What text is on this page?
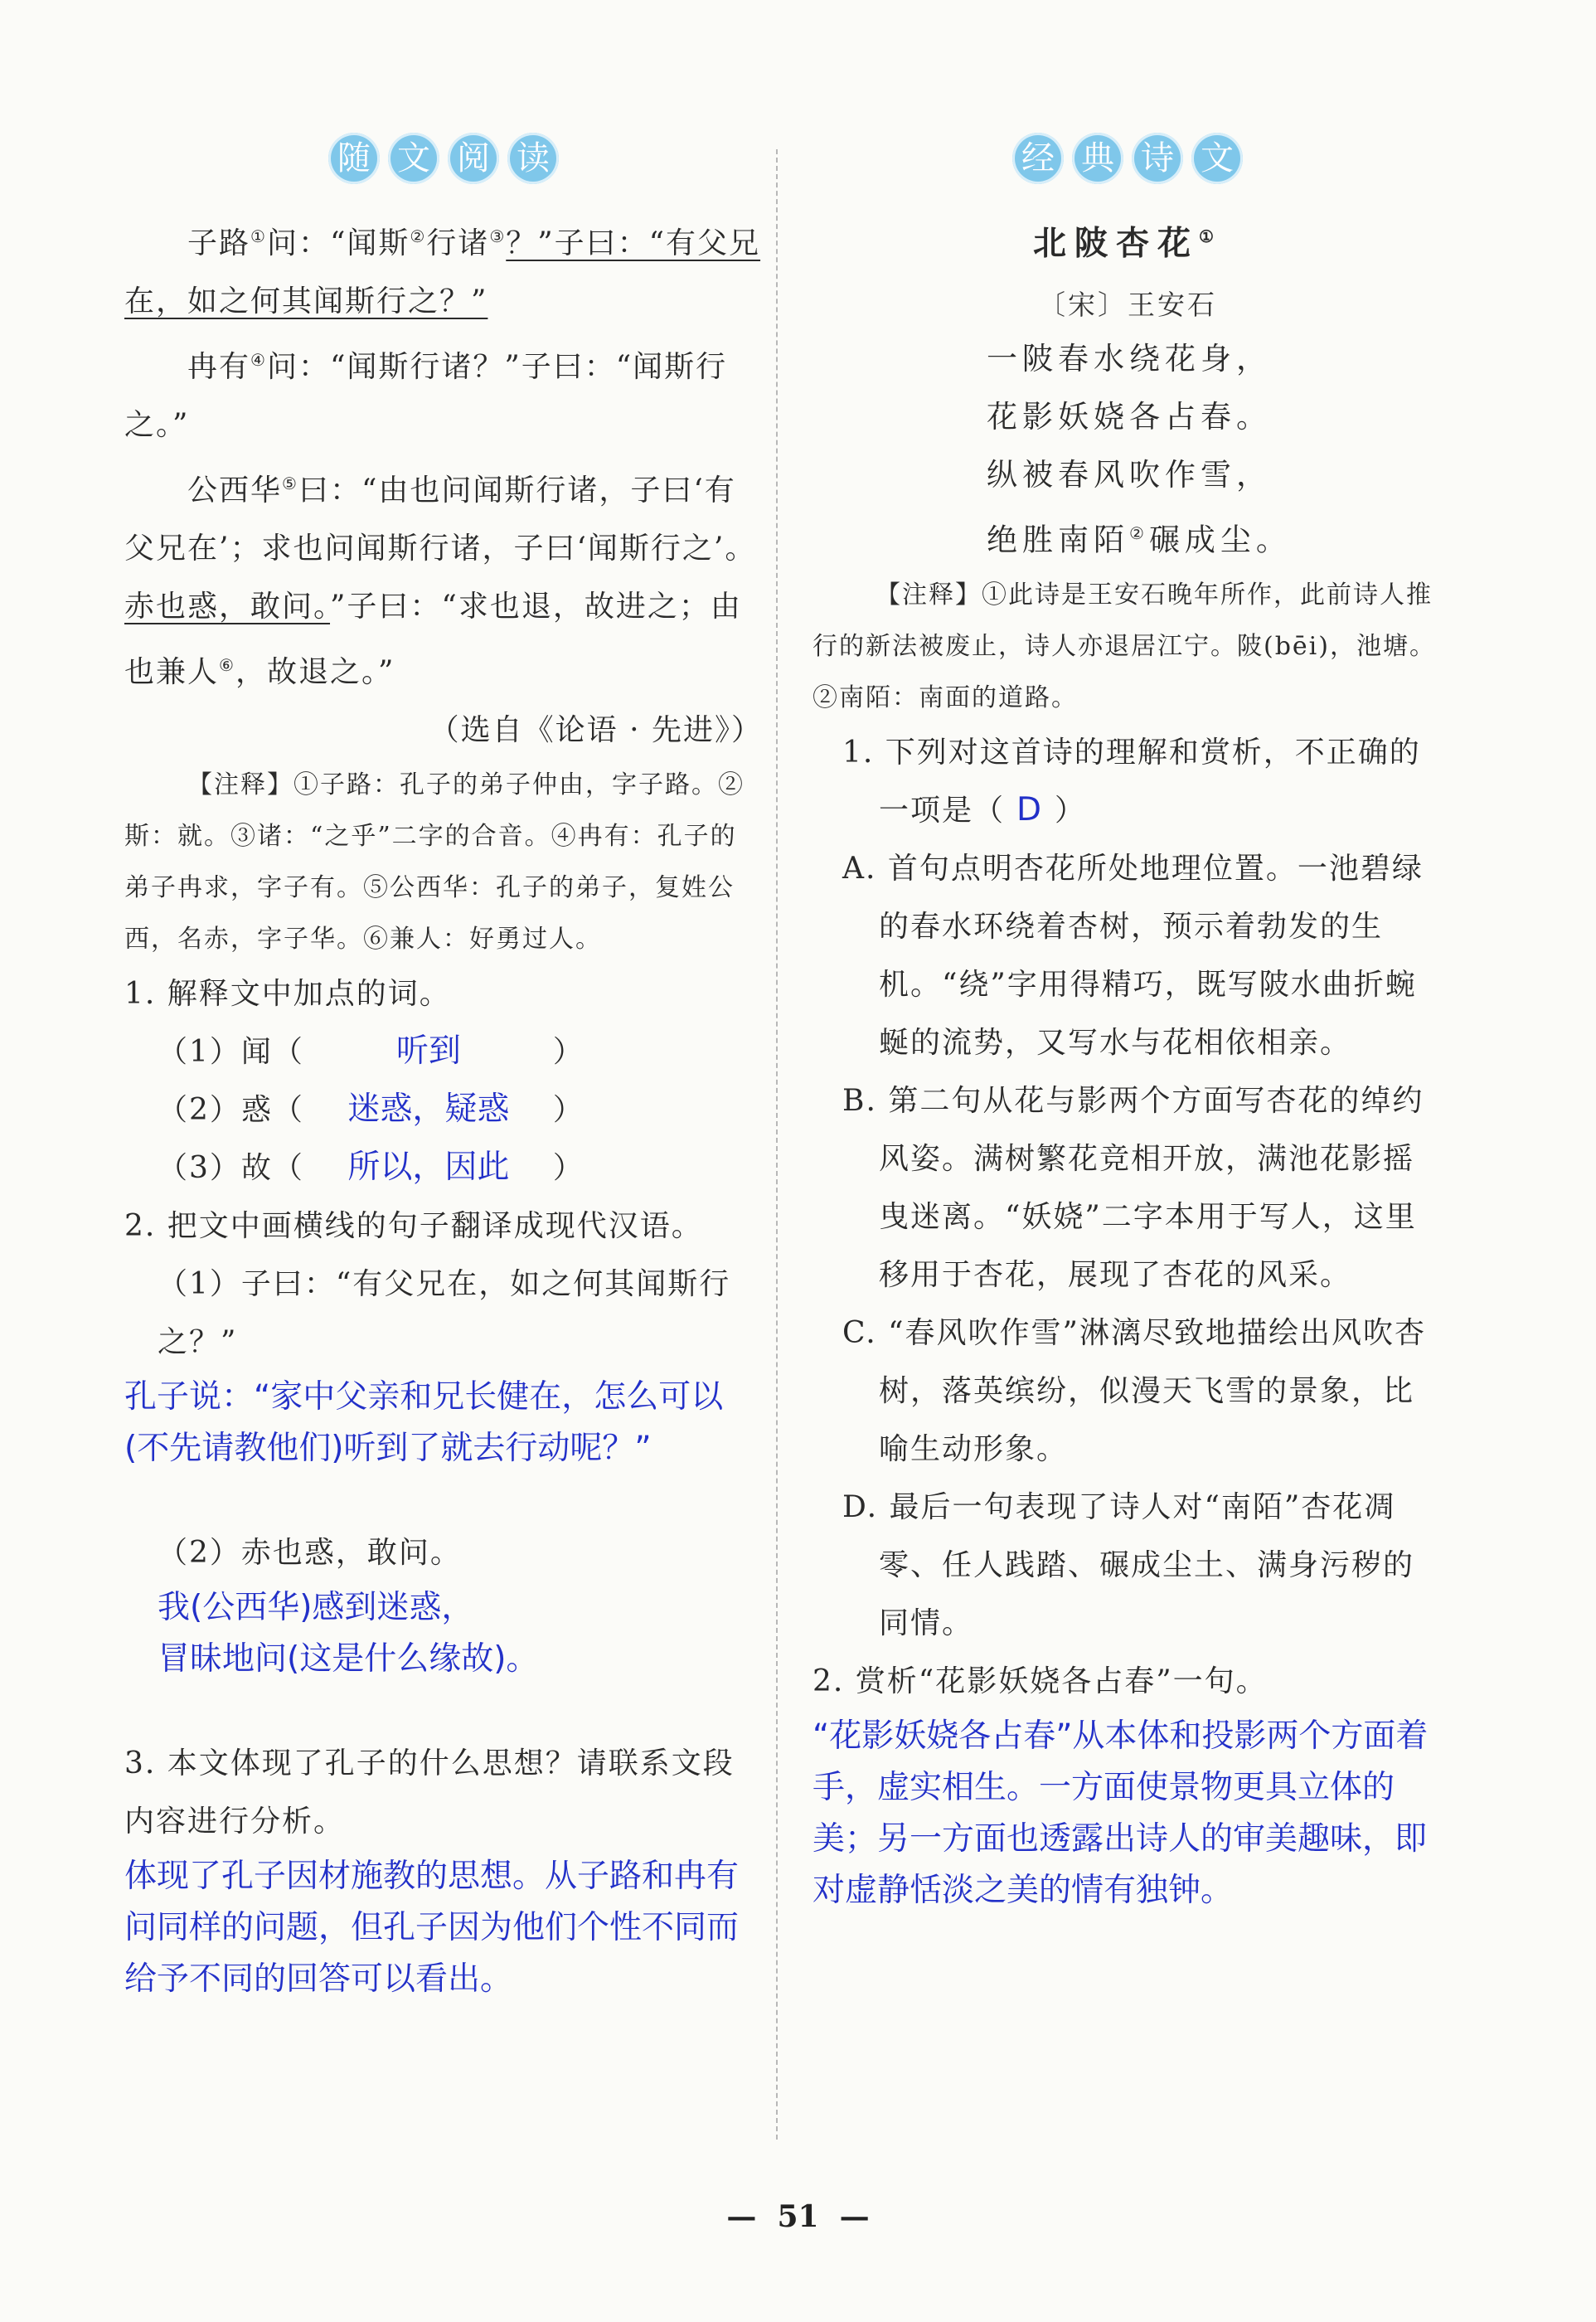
随 文 阅 读

子路①问：“闻斯②行诸③？”子曰：“有父兄在，如之何其闻斯行之？”

冉有④问：“闻斯行诸？”子曰：“闻斯行之。”

公西华⑤曰：“由也问闻斯行诸，子曰‘有父兄在’；求也问闻斯行诸，子曰‘闻斯行之’。赤也惑，敢问。”子曰：“求也退，故进之；由也兼人⑥，故退之。”

（选自《论语 · 先进》）

【注释】①子路：孔子的弟子仲由，字子路。②斯：就。③诸：“之乎”二字的合音。④冉有：孔子的弟子冉求，字子有。⑤公西华：孔子的弟子，复姓公西，名赤，字子华。⑥兼人：好勇过人。

1. 解释文中加点的词。

（1）闻（	听到	）
（2）惑（ 迷惑，疑惑 ）
（3）故（ 所以，因此 ）

2. 把文中画横线的句子翻译成现代汉语。

（1）子曰：“有父兄在，如之何其闻斯行之？”

孔子说：“家中父亲和兄长健在，怎么可以(不先请教他们)听到了就去行动呢？”

（2）赤也惑，敢问。

我(公西华)感到迷惑，

冒昧地问(这是什么缘故)。

3. 本文体现了孔子的什么思想？请联系文段内容进行分析。

体现了孔子因材施教的思想。从子路和冉有问同样的问题，但孔子因为他们个性不同而给予不同的回答可以看出。

经 典 诗 文

北陂杏花①

〔宋〕王安石

一陂春水绕花身，

花影妖娆各占春。

纵被春风吹作雪，

绝胜南陌②碾成尘。

【注释】①此诗是王安石晚年所作，此前诗人推行的新法被废止，诗人亦退居江宁。陂(bēi)，池塘。②南陌：南面的道路。

1. 下列对这首诗的理解和赏析，不正确的一项是（ D ）

A. 首句点明杏花所处地理位置。一池碧绿的春水环绕着杏树，预示着勃发的生机。“绕”字用得精巧，既写陂水曲折蜿蜒的流势，又写水与花相依相亲。

B. 第二句从花与影两个方面写杏花的绰约风姿。满树繁花竞相开放，满池花影摇曳迷离。“妖娆”二字本用于写人，这里移用于杏花，展现了杏花的风采。

C. “春风吹作雪”淋漓尽致地描绘出风吹杏树，落英缤纷，似漫天飞雪的景象，比喻生动形象。

D. 最后一句表现了诗人对“南陌”杏花凋零、任人践踏、碾成尘土、满身污秽的同情。

2. 赏析“花影妖娆各占春”一句。

“花影妖娆各占春”从本体和投影两个方面着手，虚实相生。一方面使景物更具立体的美；另一方面也透露出诗人的审美趣味，即对虚静恬淡之美的情有独钟。

— 51 —
